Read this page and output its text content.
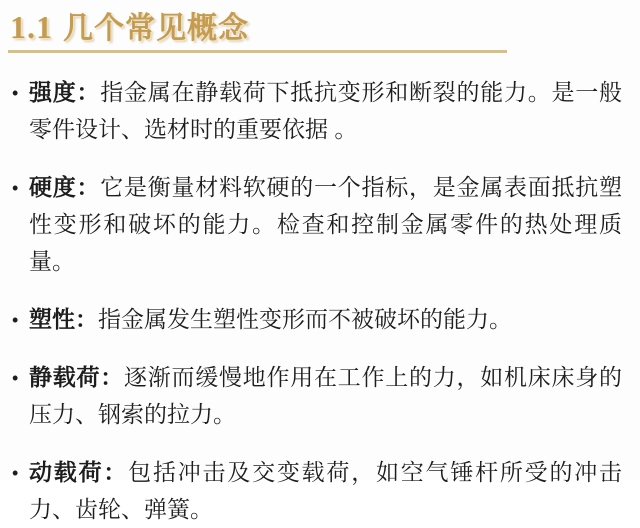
1.1 几个常见概念
• 强度：指金属在静载荷下抵抗变形和断裂的能力。是一般零件设计、选材时的重要依据 。
• 硬度：它是衡量材料软硬的一个指标，是金属表面抵抗塑性变形和破坏的能力。检查和控制金属零件的热处理质量。
• 塑性：指金属发生塑性变形而不被破坏的能力。
• 静载荷：逐渐而缓慢地作用在工作上的力，如机床床身的压力、钢索的拉力。
• 动载荷：包括冲击及交变载荷，如空气锤杆所受的冲击力、齿轮、弹簧。
